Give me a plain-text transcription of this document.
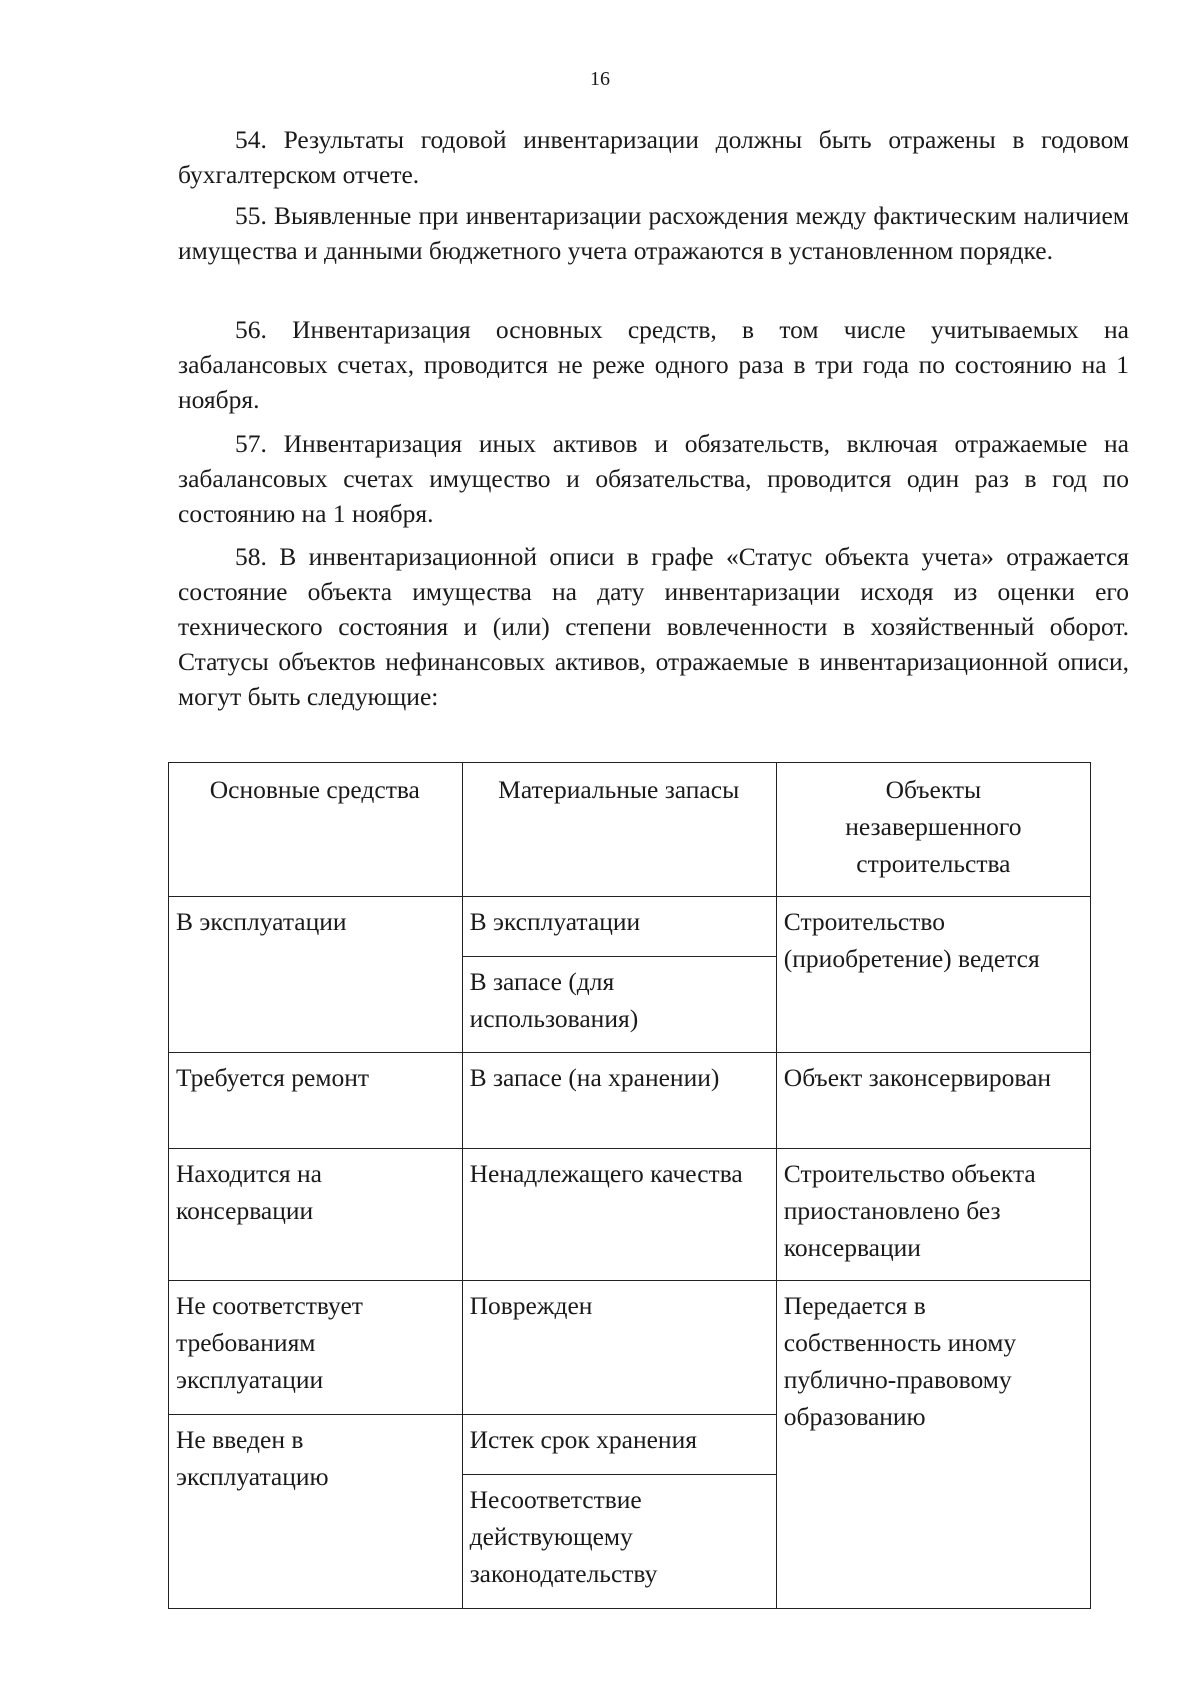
16

54. Результаты годовой инвентаризации должны быть отражены в годовом бухгалтерском отчете.

55. Выявленные при инвентаризации расхождения между фактическим наличием имущества и данными бюджетного учета отражаются в установленном порядке.

56. Инвентаризация основных средств, в том числе учитываемых на забалансовых счетах, проводится не реже одного раза в три года по состоянию на 1 ноября.

57. Инвентаризация иных активов и обязательств, включая отражаемые на забалансовых счетах имущество и обязательства, проводится один раз в год по состоянию на 1 ноября.

58. В инвентаризационной описи в графе «Статус объекта учета» отражается состояние объекта имущества на дату инвентаризации исходя из оценки его технического состояния и (или) степени вовлеченности в хозяйственный оборот. Статусы объектов нефинансовых активов, отражаемые в инвентаризационной описи, могут быть следующие:

Основные средства	Материальные запасы	Объекты незавершенного строительства
В эксплуатации	В эксплуатации	Строительство (приобретение) ведется
	В запасе (для использования)	
Требуется ремонт	В запасе (на хранении)	Объект законсервирован
Находится на консервации	Ненадлежащего качества	Строительство объекта приостановлено без консервации
Не соответствует требованиям эксплуатации	Поврежден	Передается в собственность иному публично-правовому образованию
Не введен в эксплуатацию	Истек срок хранения	
	Несоответствие действующему законодательству	
